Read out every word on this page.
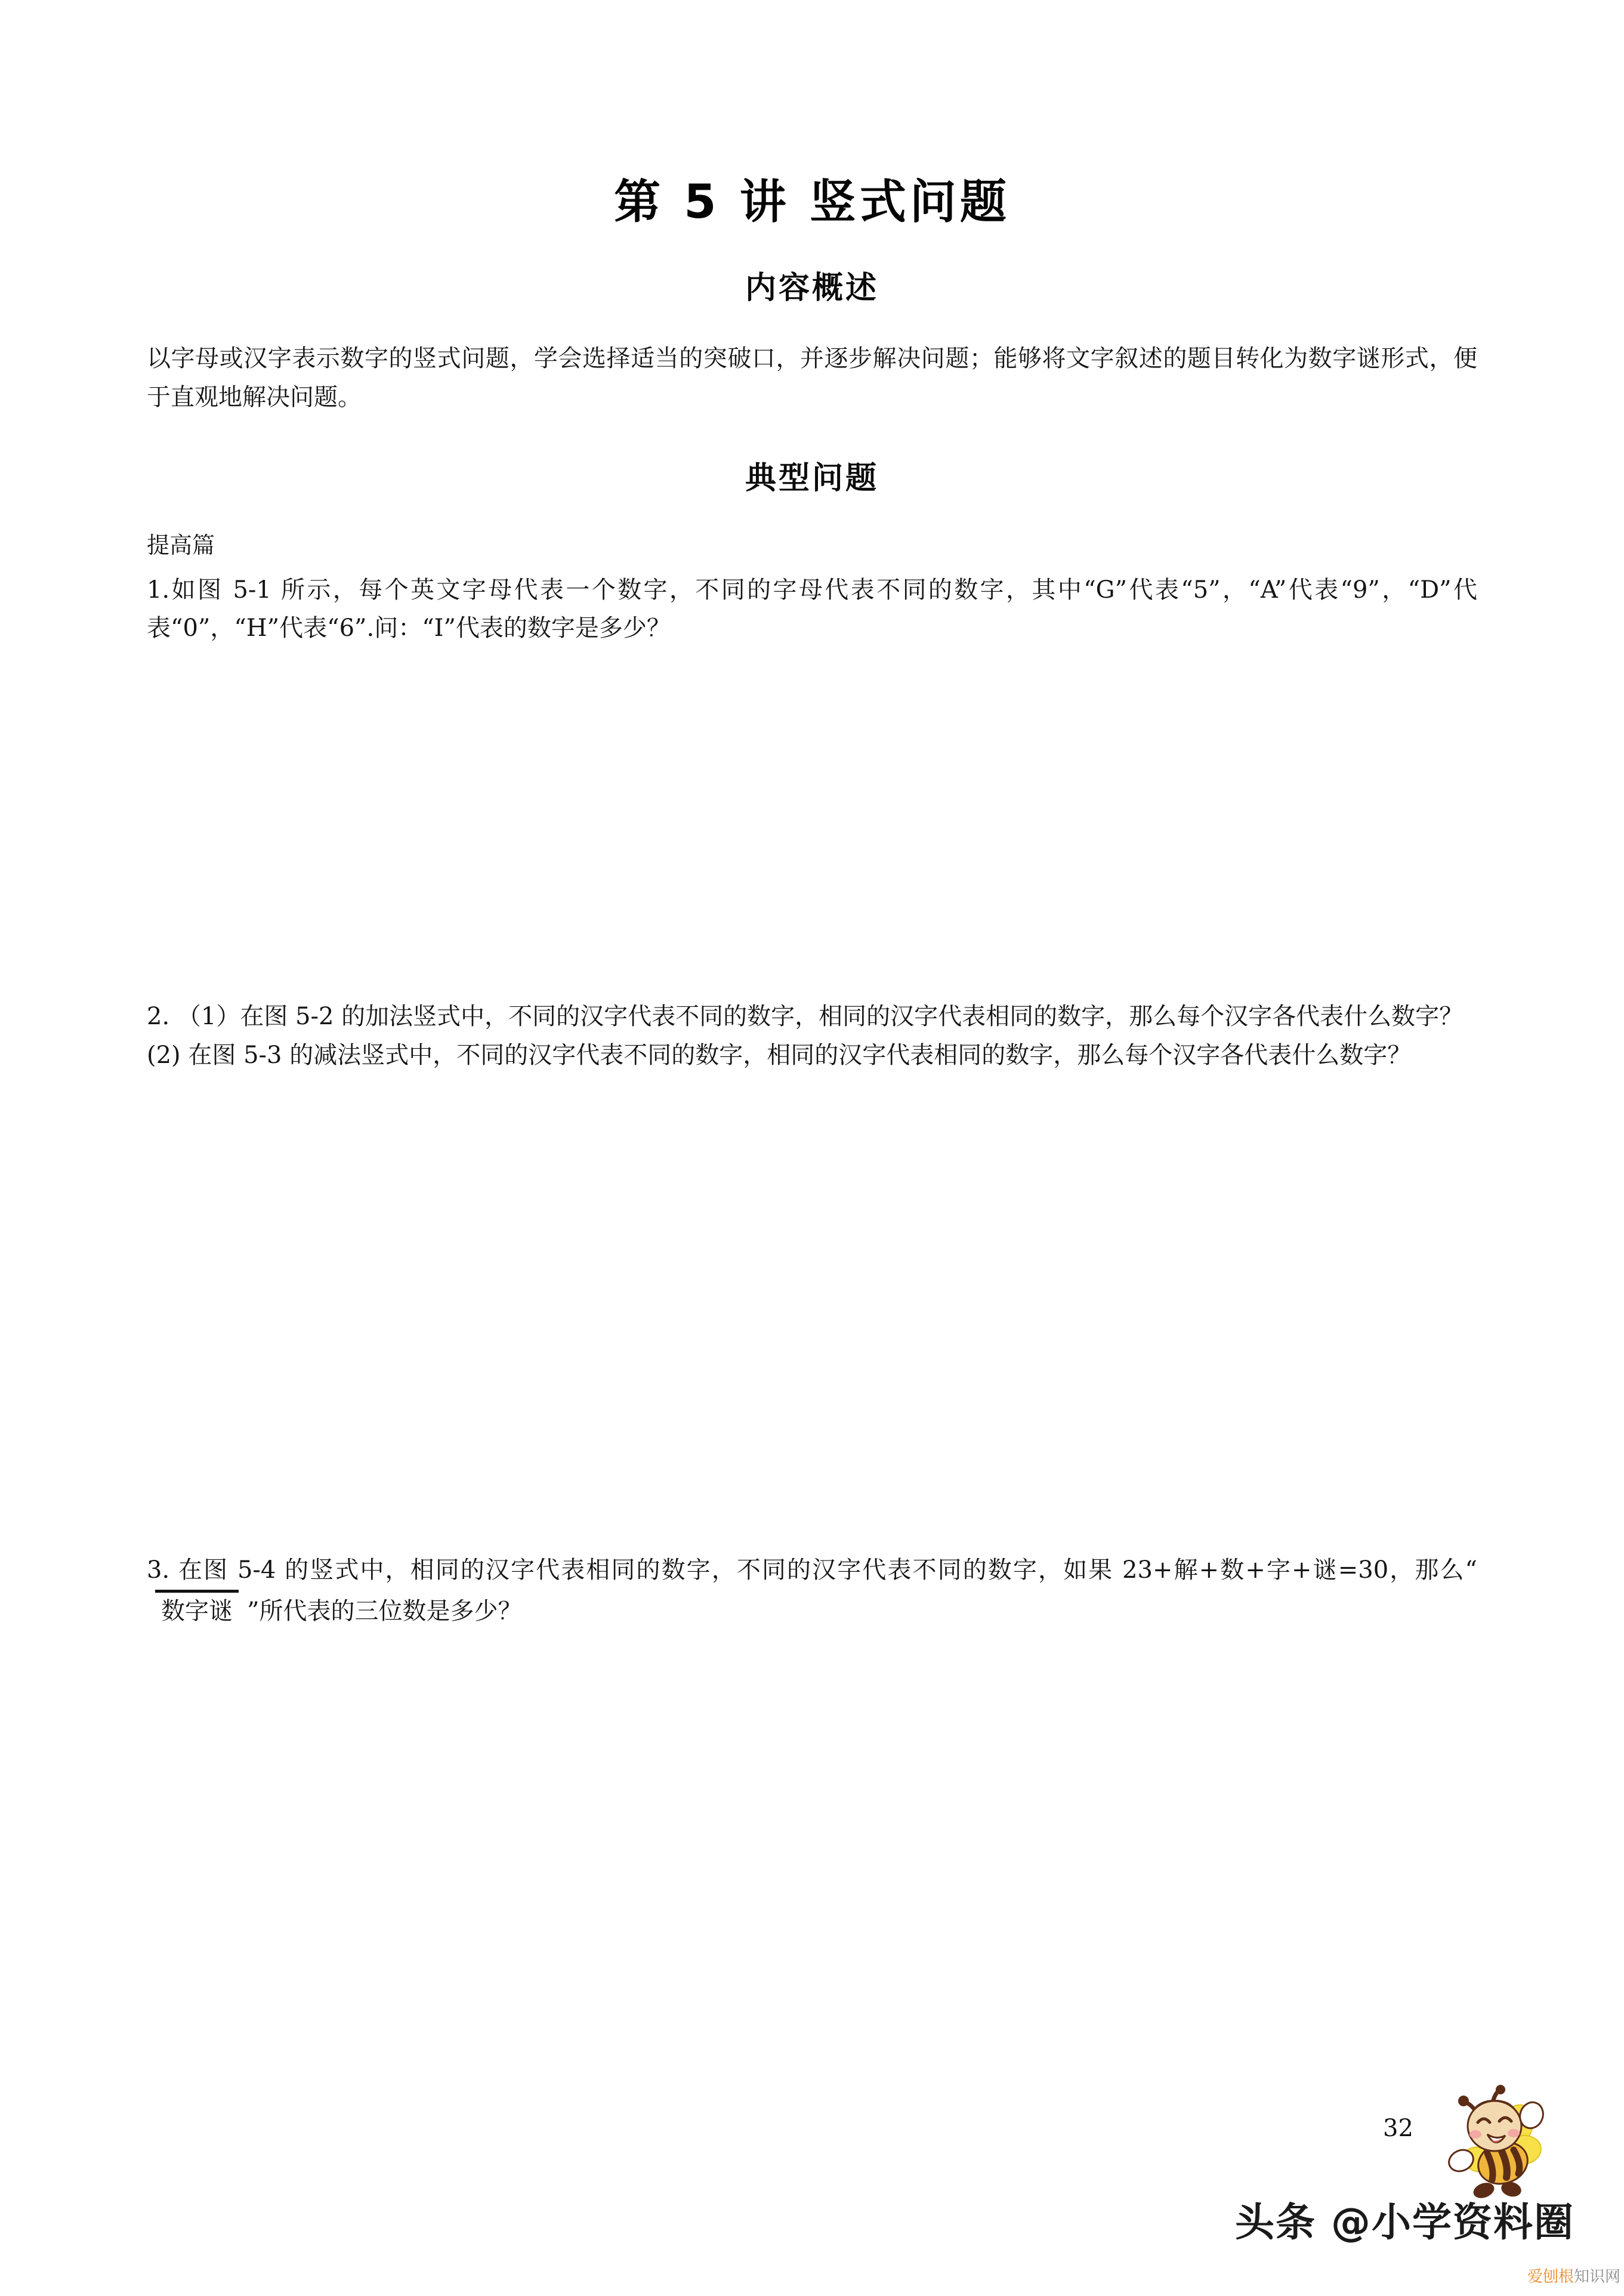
第 5 讲 竖式问题
内容概述

以字母或汉字表示数字的竖式问题，学会选择适当的突破口，并逐步解决问题；能够将文字叙述的题目转化为数字谜形式，便于直观地解决问题。

典型问题
提高篇

1.如图 5-1 所示，每个英文字母代表一个数字，不同的字母代表不同的数字，其中“G”代表“5”，“A”代表“9”，“D”代表“0”，“H”代表“6”.问：“I”代表的数字是多少？

2. （1）在图 5-2 的加法竖式中，不同的汉字代表不同的数字，相同的汉字代表相同的数字，那么每个汉字各代表什么数字？
(2) 在图 5-3 的减法竖式中，不同的汉字代表不同的数字，相同的汉字代表相同的数字，那么每个汉字各代表什么数字？

3. 在图 5-4 的竖式中，相同的汉字代表相同的数字，不同的汉字代表不同的数字，如果 23+解+数+字+谜=30，那么“数字谜 ”所代表的三位数是多少？

32
头条 @小学资料圈
爱刨根知识网
